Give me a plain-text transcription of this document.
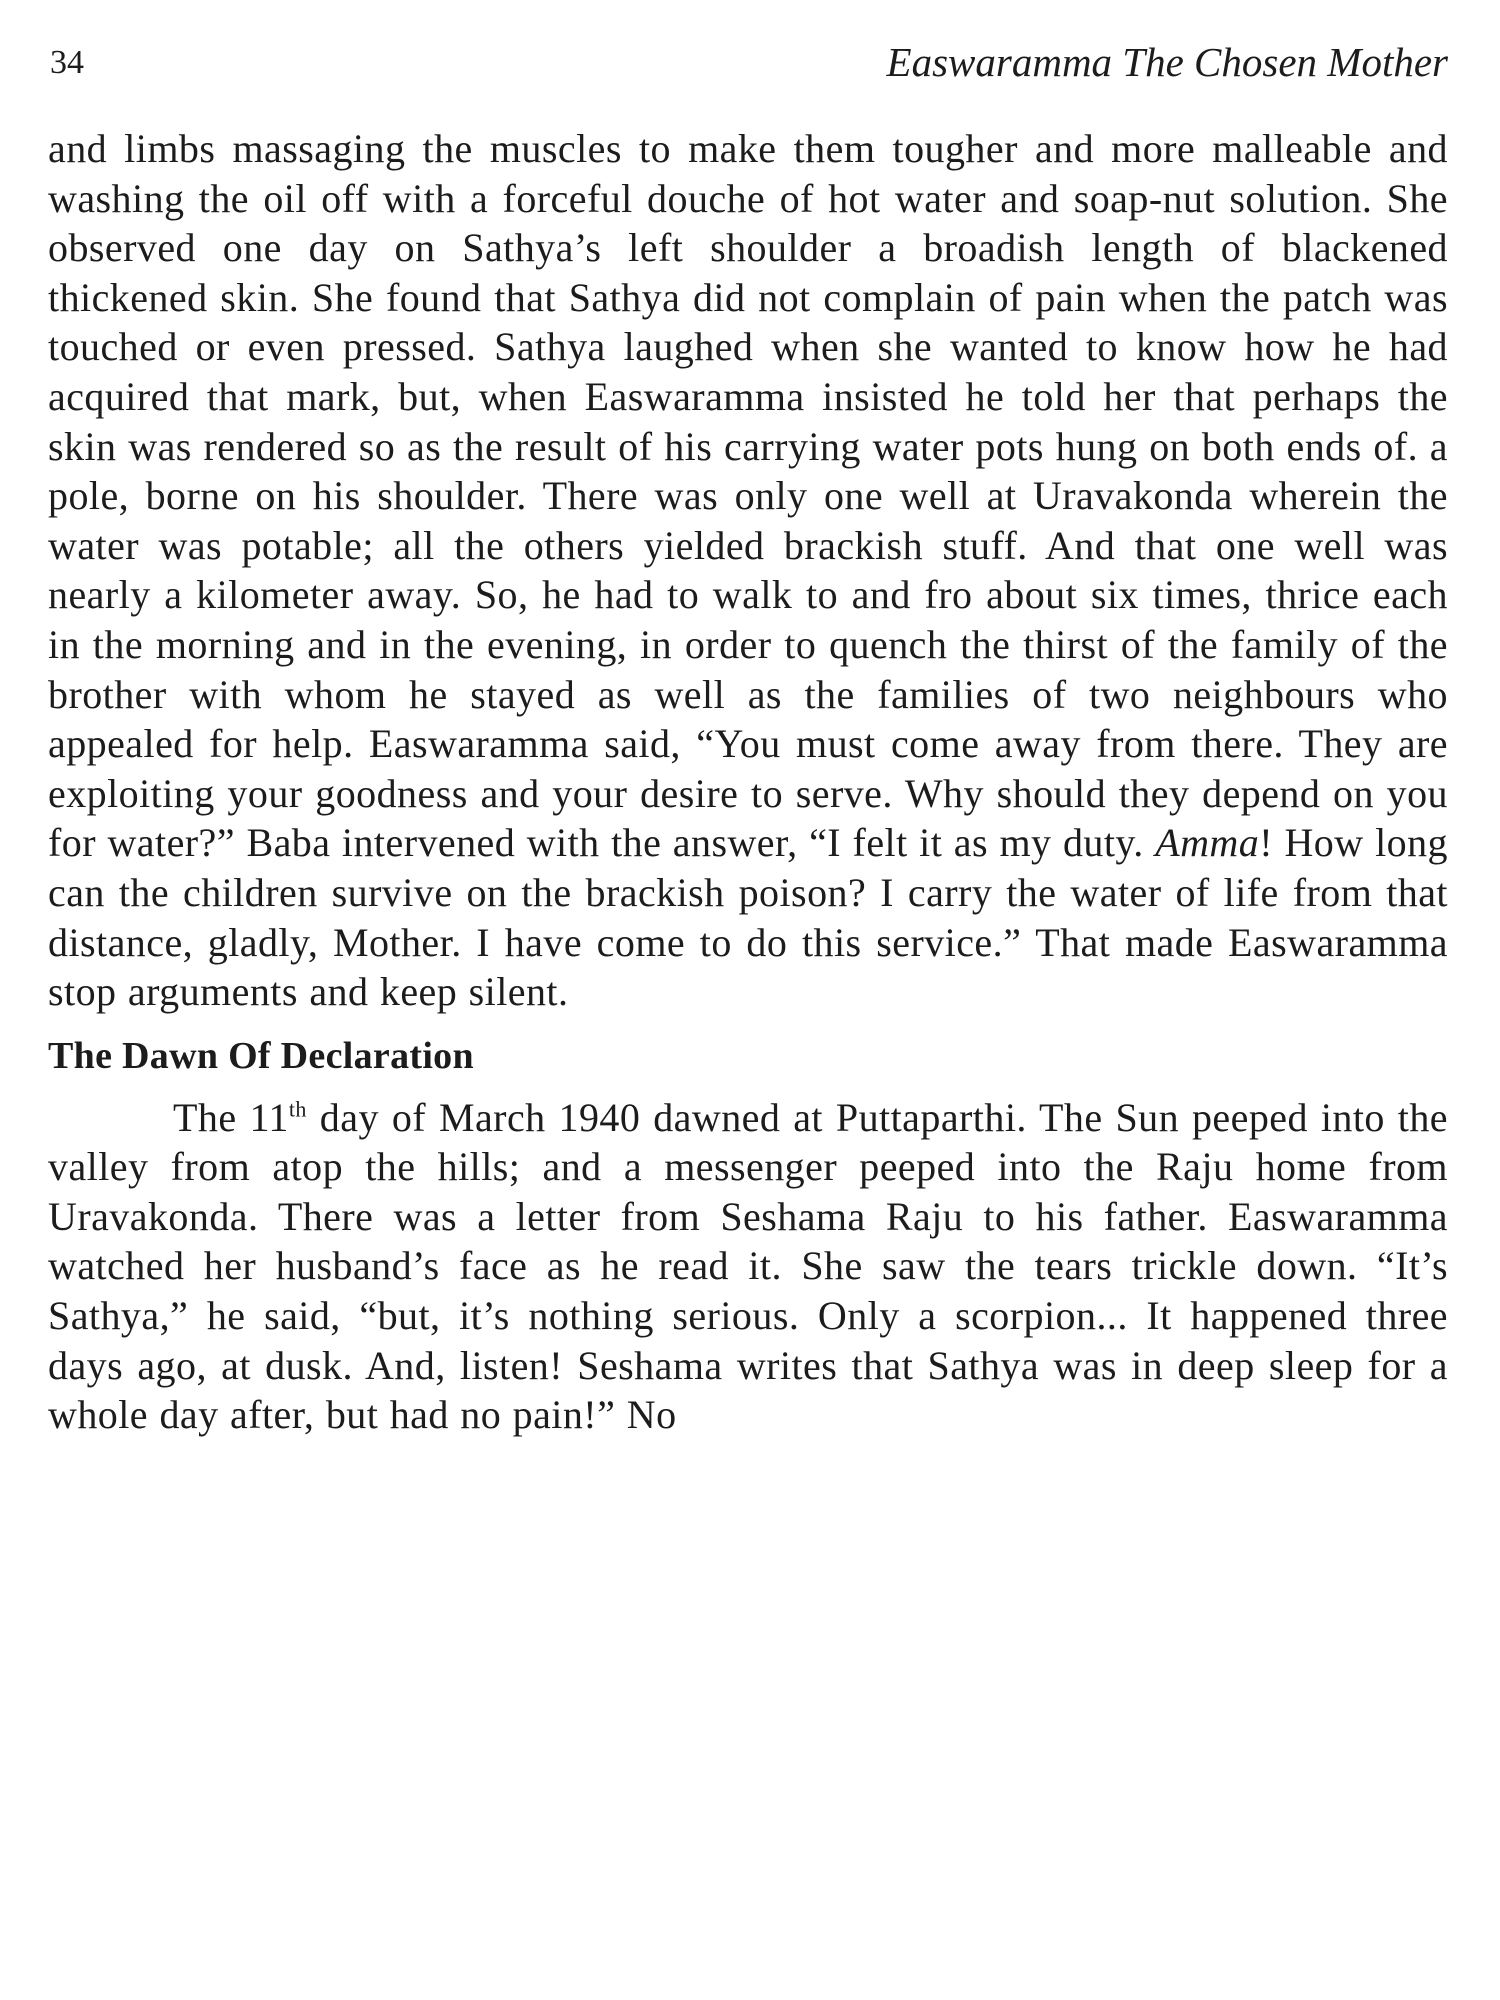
34	Easwaramma The Chosen Mother

and limbs massaging the muscles to make them tougher and more malleable and washing the oil off with a forceful douche of hot water and soap-nut solution. She observed one day on Sathya’s left shoulder a broadish length of blackened thickened skin. She found that Sathya did not complain of pain when the patch was touched or even pressed. Sathya laughed when she wanted to know how he had acquired that mark, but, when Easwaramma insisted he told her that perhaps the skin was rendered so as the result of his carrying water pots hung on both ends of. a pole, borne on his shoulder. There was only one well at Uravakonda wherein the water was potable; all the others yielded brackish stuff. And that one well was nearly a kilometer away. So, he had to walk to and fro about six times, thrice each in the morning and in the evening, in order to quench the thirst of the family of the brother with whom he stayed as well as the families of two neighbours who appealed for help. Easwaramma said, “You must come away from there. They are exploiting your goodness and your desire to serve. Why should they depend on you for water?” Baba intervened with the answer, “I felt it as my duty. Amma! How long can the children survive on the brackish poison? I carry the water of life from that distance, gladly, Mother. I have come to do this service.” That made Easwaramma stop arguments and keep silent.

The Dawn Of Declaration

The 11th day of March 1940 dawned at Puttaparthi. The Sun peeped into the valley from atop the hills; and a messenger peeped into the Raju home from Uravakonda. There was a letter from Seshama Raju to his father. Easwaramma watched her husband’s face as he read it. She saw the tears trickle down. “It’s Sathya,” he said, “but, it’s nothing serious. Only a scorpion... It happened three days ago, at dusk. And, listen! Seshama writes that Sathya was in deep sleep for a whole day after, but had no pain!” No
